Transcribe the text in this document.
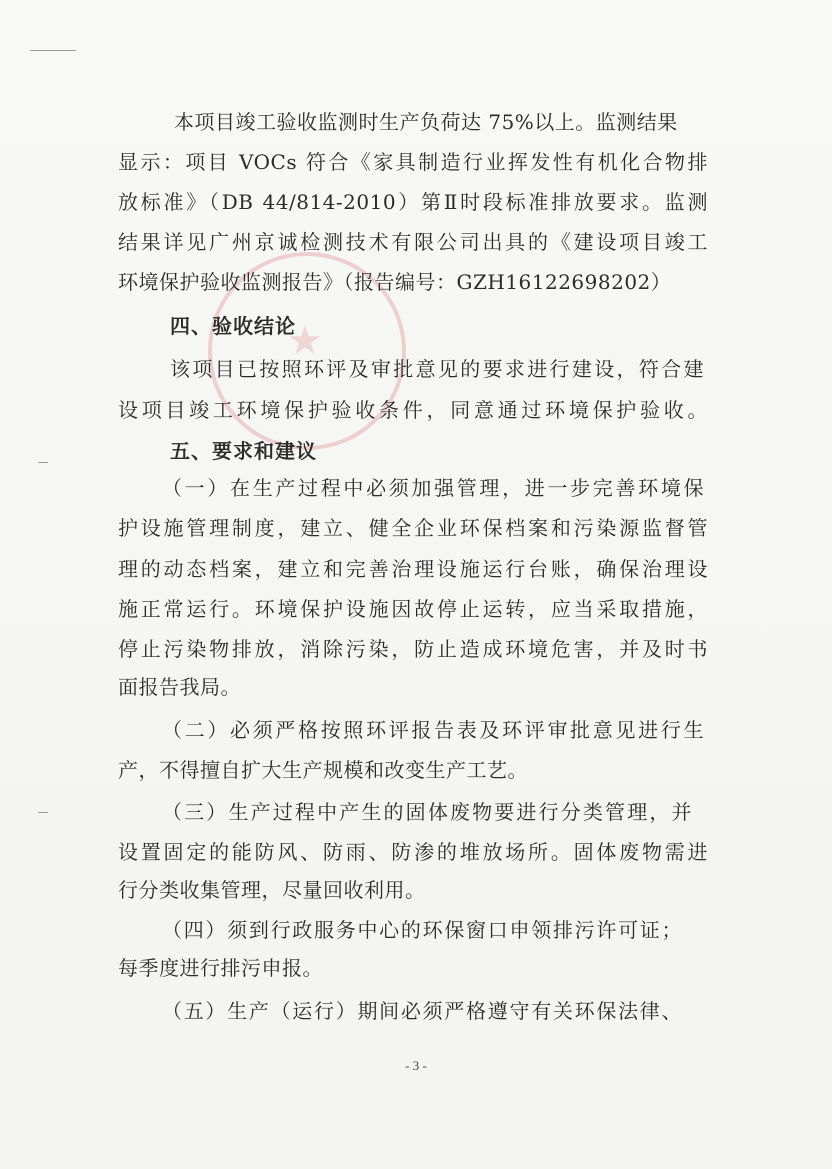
★
本项目竣工验收监测时生产负荷达 75%以上。监测结果
显示：项目 VOCs 符合《家具制造行业挥发性有机化合物排
放标准》（DB 44/814-2010）第Ⅱ时段标准排放要求。监测
结果详见广州京诚检测技术有限公司出具的《建设项目竣工
环境保护验收监测报告》（报告编号：GZH16122698202）
四、验收结论
该项目已按照环评及审批意见的要求进行建设，符合建
设项目竣工环境保护验收条件，同意通过环境保护验收。
五、要求和建议
（一）在生产过程中必须加强管理，进一步完善环境保
护设施管理制度，建立、健全企业环保档案和污染源监督管
理的动态档案，建立和完善治理设施运行台账，确保治理设
施正常运行。环境保护设施因故停止运转，应当采取措施，
停止污染物排放，消除污染，防止造成环境危害，并及时书
面报告我局。
（二）必须严格按照环评报告表及环评审批意见进行生
产，不得擅自扩大生产规模和改变生产工艺。
（三）生产过程中产生的固体废物要进行分类管理，并
设置固定的能防风、防雨、防渗的堆放场所。固体废物需进
行分类收集管理，尽量回收利用。
（四）须到行政服务中心的环保窗口申领排污许可证；
每季度进行排污申报。
（五）生产（运行）期间必须严格遵守有关环保法律、
- 3 -
